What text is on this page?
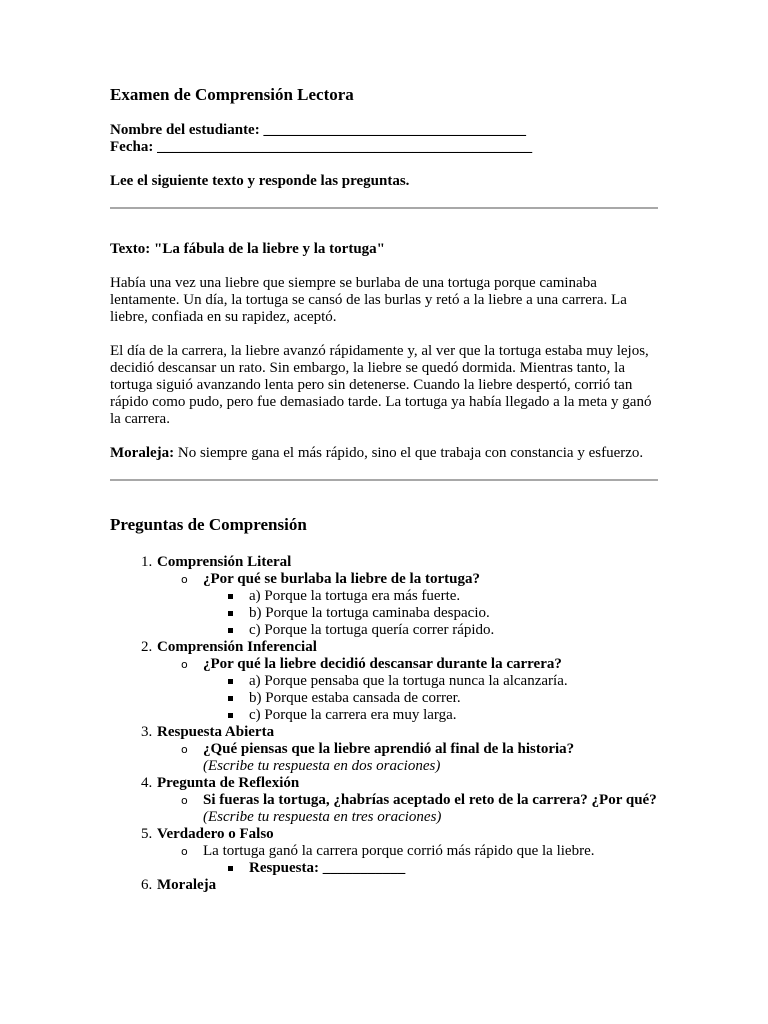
Examen de Comprensión Lectora
Nombre del estudiante: ___________________________________
Fecha: __________________________________________________
Lee el siguiente texto y responde las preguntas.
Texto: "La fábula de la liebre y la tortuga"

Había una vez una liebre que siempre se burlaba de una tortuga porque caminaba lentamente. Un día, la tortuga se cansó de las burlas y retó a la liebre a una carrera. La liebre, confiada en su rapidez, aceptó.

El día de la carrera, la liebre avanzó rápidamente y, al ver que la tortuga estaba muy lejos, decidió descansar un rato. Sin embargo, la liebre se quedó dormida. Mientras tanto, la tortuga siguió avanzando lenta pero sin detenerse. Cuando la liebre despertó, corrió tan rápido como pudo, pero fue demasiado tarde. La tortuga ya había llegado a la meta y ganó la carrera.

Moraleja: No siempre gana el más rápido, sino el que trabaja con constancia y esfuerzo.

Preguntas de Comprensión
1. Comprensión Literal
o ¿Por qué se burlaba la liebre de la tortuga?
a) Porque la tortuga era más fuerte.
b) Porque la tortuga caminaba despacio.
c) Porque la tortuga quería correr rápido.
2. Comprensión Inferencial
o ¿Por qué la liebre decidió descansar durante la carrera?
a) Porque pensaba que la tortuga nunca la alcanzaría.
b) Porque estaba cansada de correr.
c) Porque la carrera era muy larga.
3. Respuesta Abierta
o ¿Qué piensas que la liebre aprendió al final de la historia?
(Escribe tu respuesta en dos oraciones)
4. Pregunta de Reflexión
o Si fueras la tortuga, ¿habrías aceptado el reto de la carrera? ¿Por qué?
(Escribe tu respuesta en tres oraciones)
5. Verdadero o Falso
o La tortuga ganó la carrera porque corrió más rápido que la liebre.
Respuesta: ___________
6. Moraleja
